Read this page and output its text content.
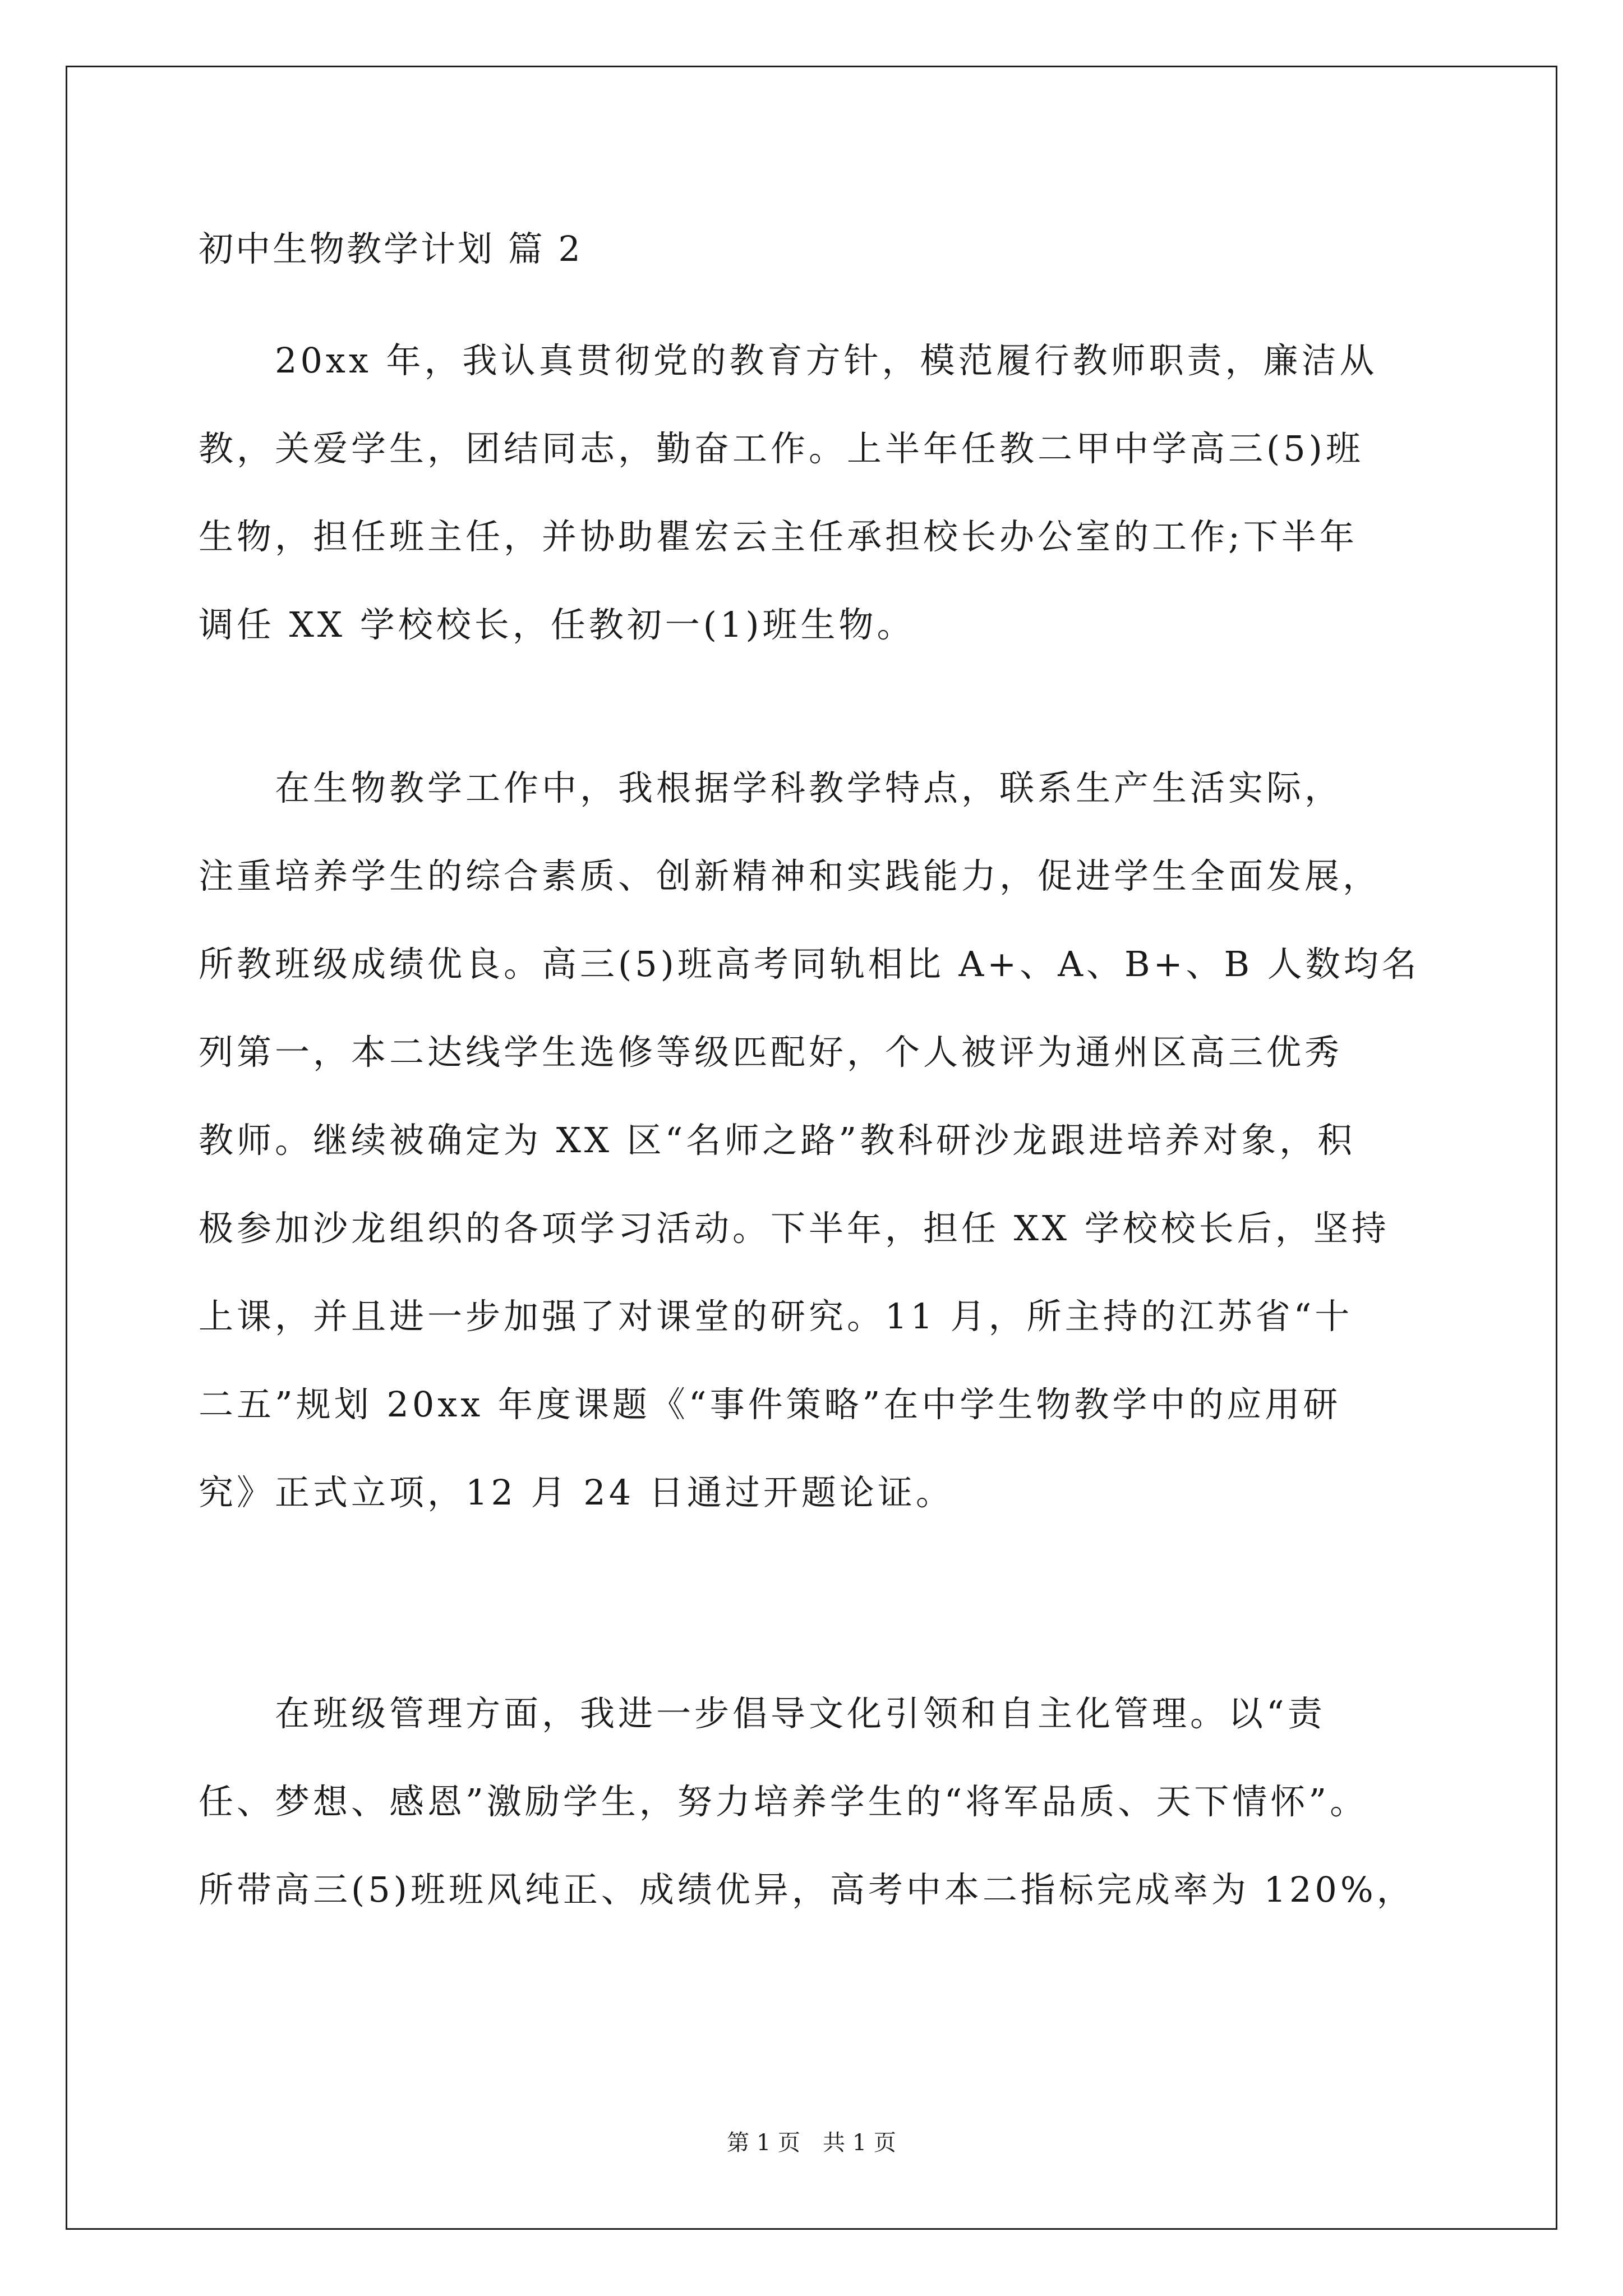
初中生物教学计划 篇 2
　　20xx 年，我认真贯彻党的教育方针，模范履行教师职责，廉洁从
教，关爱学生，团结同志，勤奋工作。上半年任教二甲中学高三(5)班
生物，担任班主任，并协助瞿宏云主任承担校长办公室的工作;下半年
调任 XX 学校校长，任教初一(1)班生物。
　　在生物教学工作中，我根据学科教学特点，联系生产生活实际，
注重培养学生的综合素质、创新精神和实践能力，促进学生全面发展，
所教班级成绩优良。高三(5)班高考同轨相比 A+、A、B+、B 人数均名
列第一，本二达线学生选修等级匹配好，个人被评为通州区高三优秀
教师。继续被确定为 XX 区“名师之路”教科研沙龙跟进培养对象，积
极参加沙龙组织的各项学习活动。下半年，担任 XX 学校校长后，坚持
上课，并且进一步加强了对课堂的研究。11 月，所主持的江苏省“十
二五”规划 20xx 年度课题《“事件策略”在中学生物教学中的应用研
究》正式立项，12 月 24 日通过开题论证。
　　在班级管理方面，我进一步倡导文化引领和自主化管理。以“责
任、梦想、感恩”激励学生，努力培养学生的“将军品质、天下情怀”。
所带高三(5)班班风纯正、成绩优异，高考中本二指标完成率为 120%，
第 1 页　共 1 页
